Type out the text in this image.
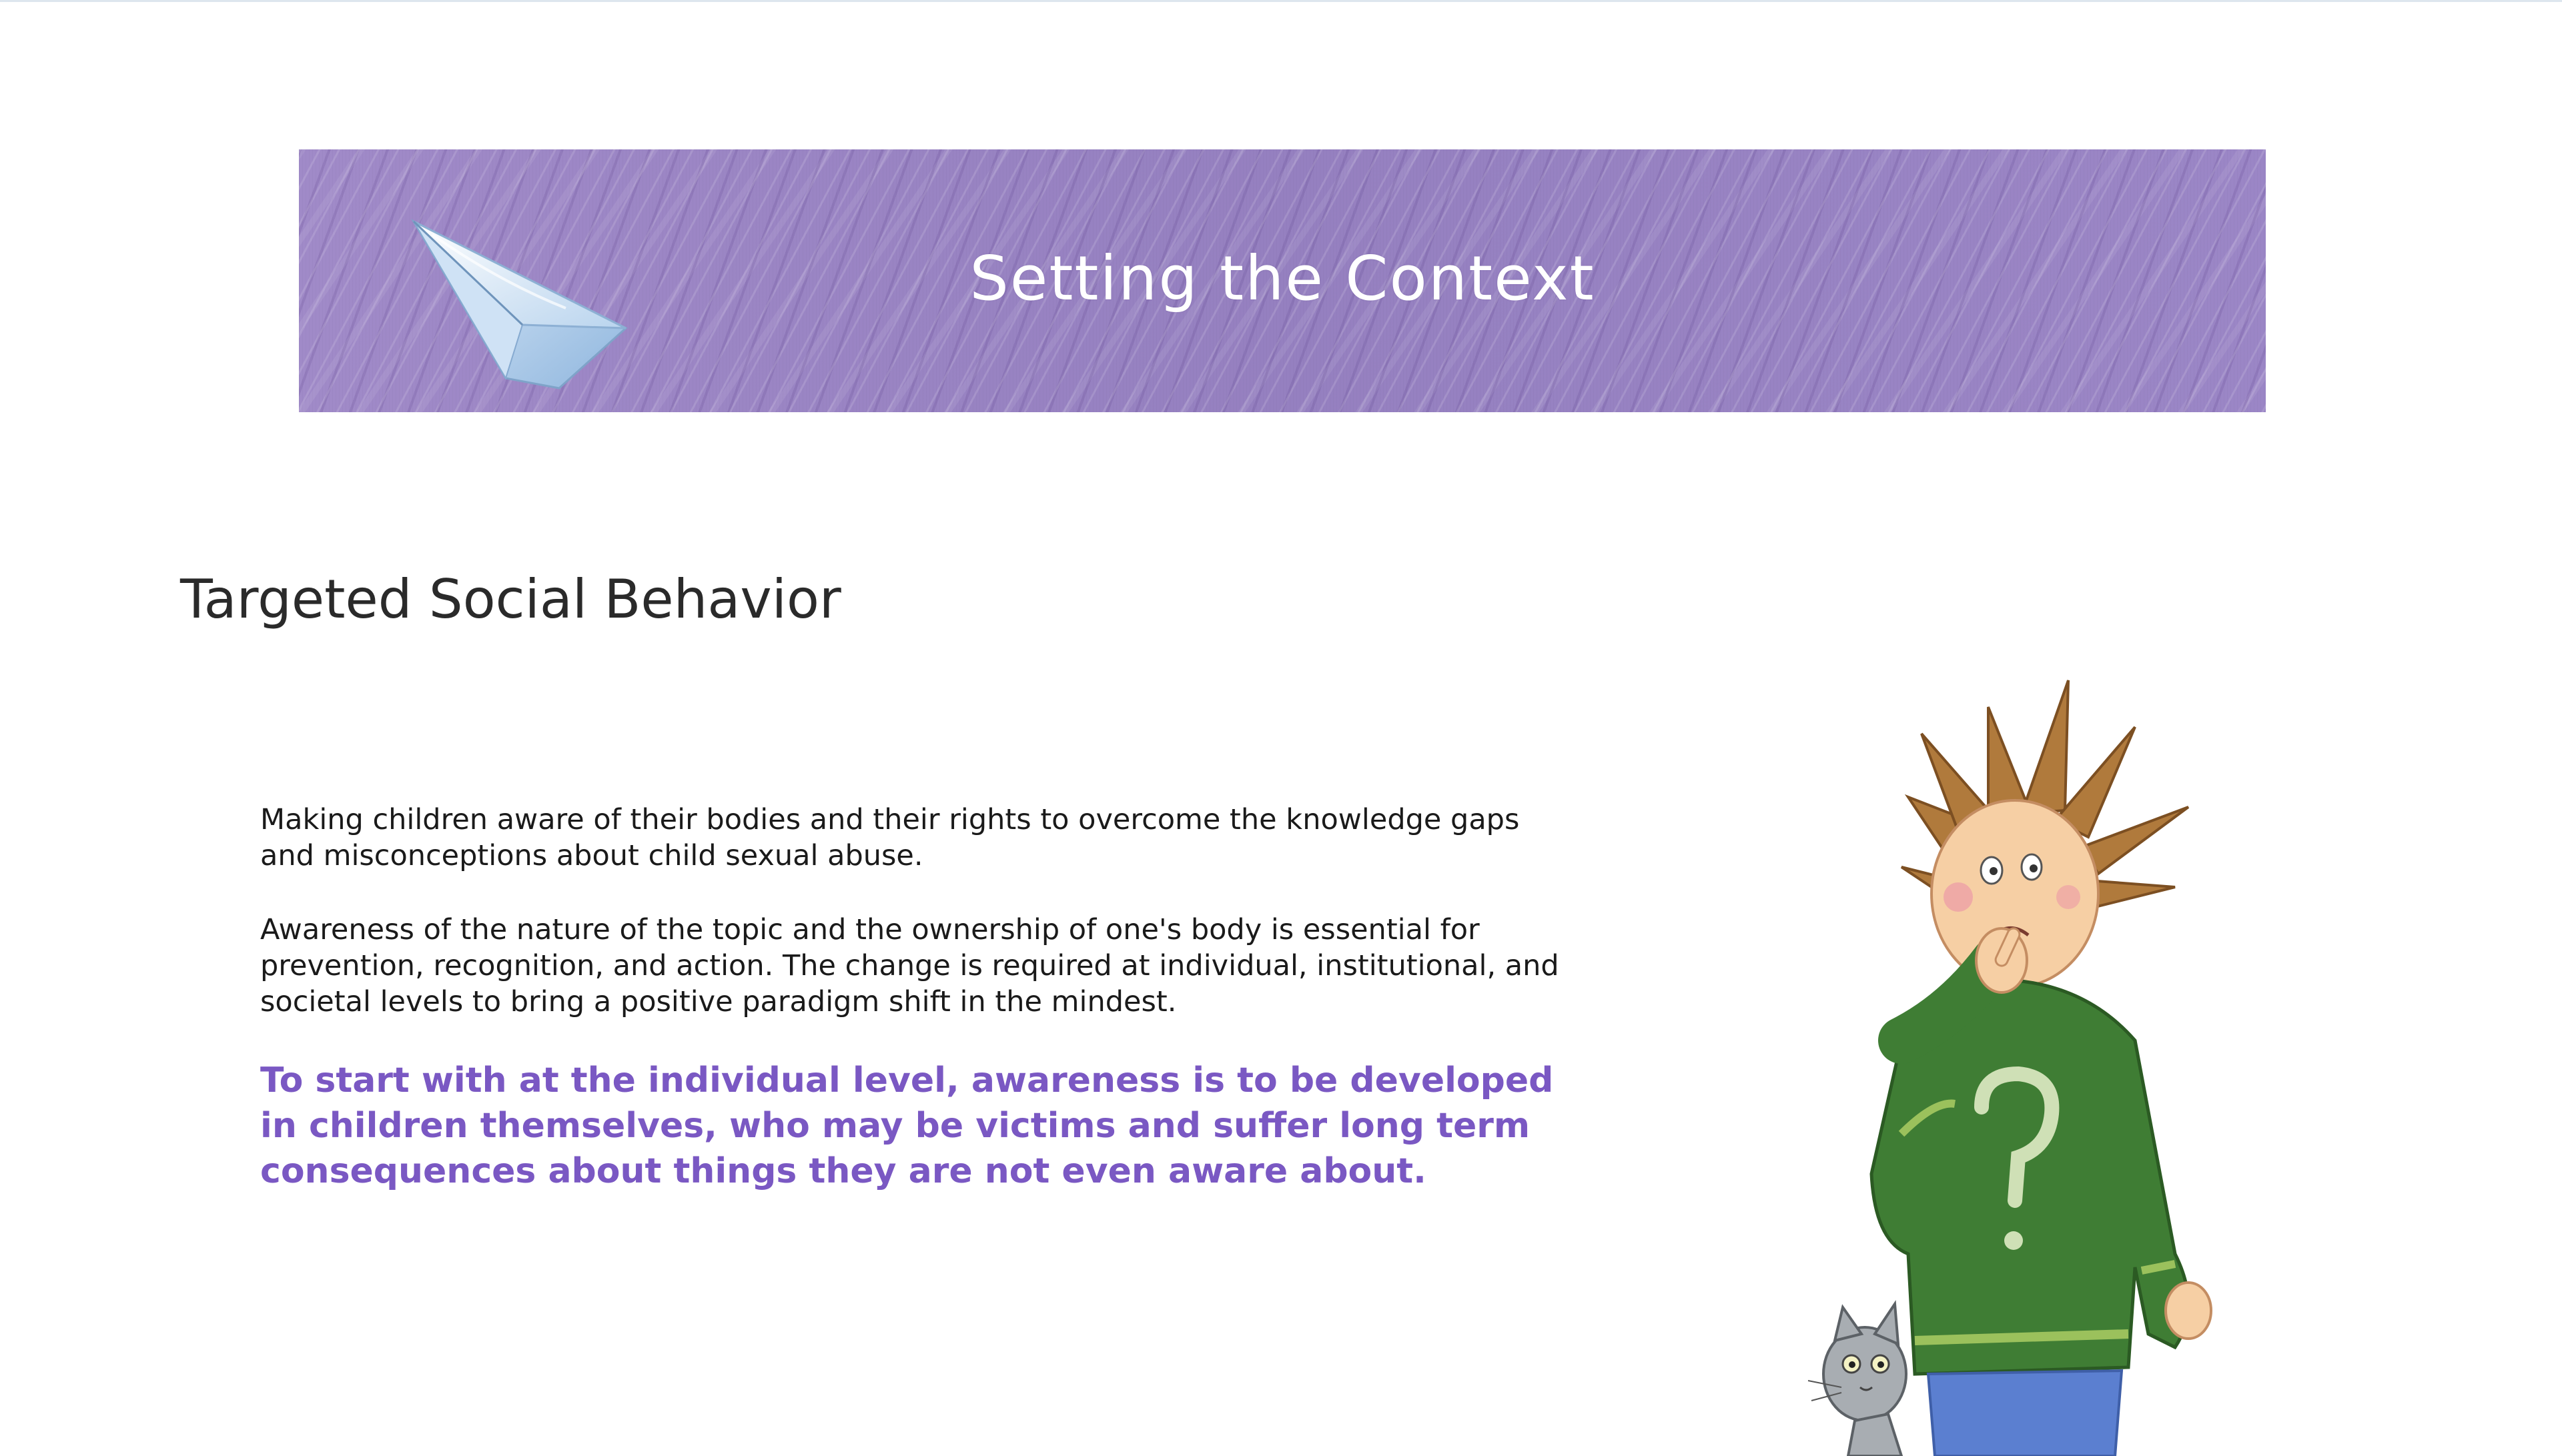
Setting the Context
Targeted Social Behavior

Making children aware of their bodies and their rights to overcome the knowledge gaps and misconceptions about child sexual abuse.

Awareness of the nature of the topic and the ownership of one's body is essential for prevention, recognition, and action. The change is required at individual, institutional, and societal levels to bring a positive paradigm shift in the mindest.

To start with at the individual level, awareness is to be developed in children themselves, who may be victims and suffer long term consequences about things they are not even aware about.
